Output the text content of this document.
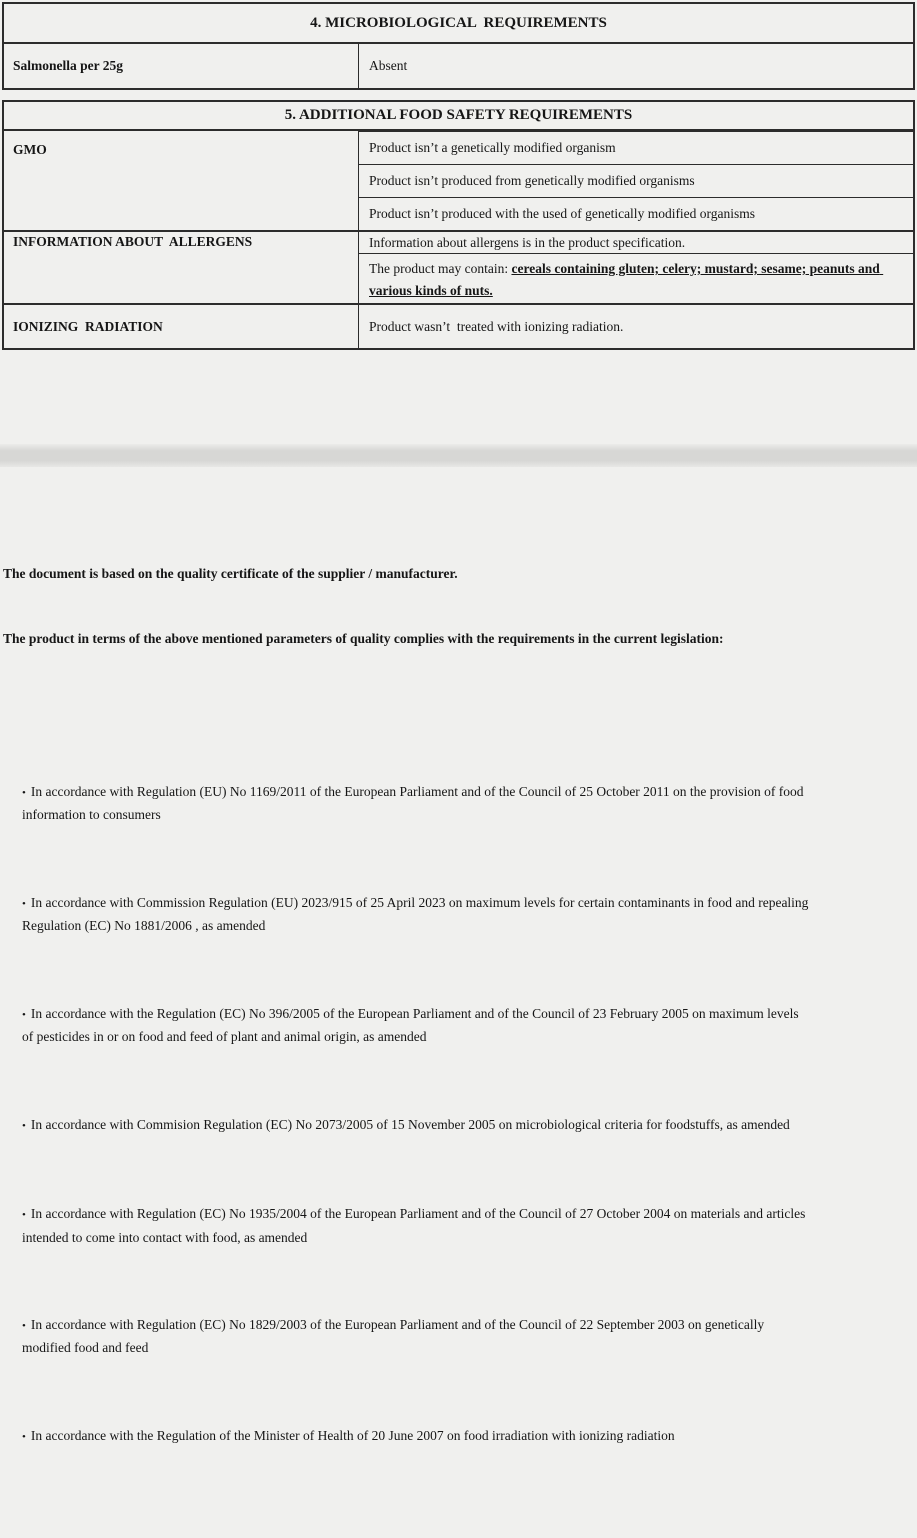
4. MICROBIOLOGICAL  REQUIREMENTS
Salmonella per 25g	Absent
5. ADDITIONAL FOOD SAFETY REQUIREMENTS
GMO	Product isn’t a genetically modified organism
Product isn’t produced from genetically modified organisms
Product isn’t produced with the used of genetically modified organisms
INFORMATION ABOUT  ALLERGENS	Information about allergens is in the product specification.
The product may contain: cereals containing gluten; celery; mustard; sesame; peanuts and various kinds of nuts.
IONIZING  RADIATION	Product wasn’t  treated with ionizing radiation.

The document is based on the quality certificate of the supplier / manufacturer.

The product in terms of the above mentioned parameters of quality complies with the requirements in the current legislation:

• In accordance with Regulation (EU) No 1169/2011 of the European Parliament and of the Council of 25 October 2011 on the provision of food information to consumers

• In accordance with Commission Regulation (EU) 2023/915 of 25 April 2023 on maximum levels for certain contaminants in food and repealing Regulation (EC) No 1881/2006 , as amended

• In accordance with the Regulation (EC) No 396/2005 of the European Parliament and of the Council of 23 February 2005 on maximum levels of pesticides in or on food and feed of plant and animal origin, as amended

• In accordance with Commision Regulation (EC) No 2073/2005 of 15 November 2005 on microbiological criteria for foodstuffs, as amended

• In accordance with Regulation (EC) No 1935/2004 of the European Parliament and of the Council of 27 October 2004 on materials and articles intended to come into contact with food, as amended

• In accordance with Regulation (EC) No 1829/2003 of the European Parliament and of the Council of 22 September 2003 on genetically modified food and feed

• In accordance with the Regulation of the Minister of Health of 20 June 2007 on food irradiation with ionizing radiation
